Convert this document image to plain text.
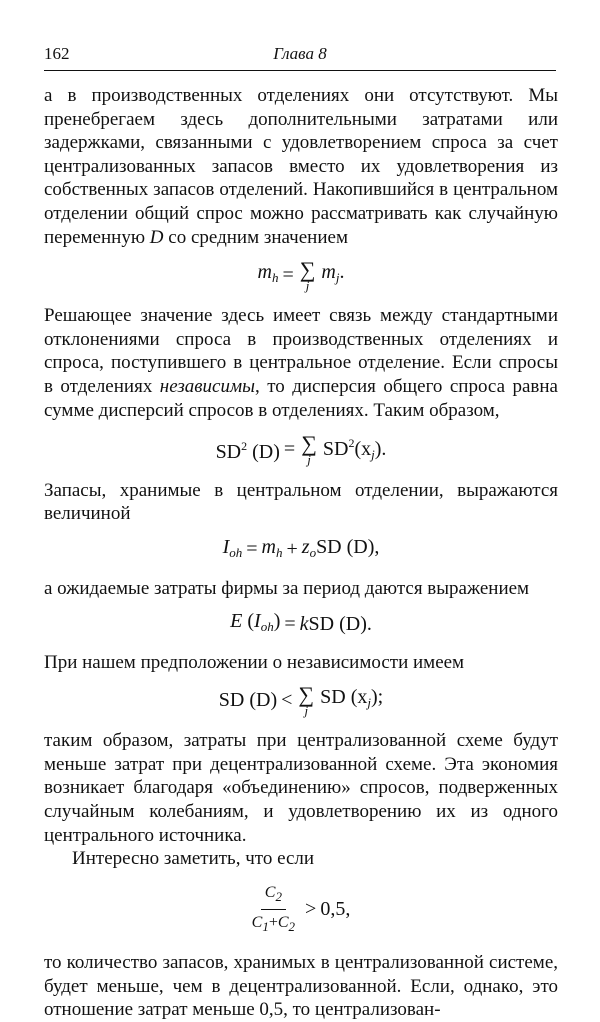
162	Глава 8

а в производственных отделениях они отсутствуют. Мы пренебрегаем здесь дополнительными затратами или задержками, связанными с удовлетворением спроса за счет централизованных запасов вместо их удовлетворения из собственных запасов отделений. Накопившийся в центральном отделении общий спрос можно рассматривать как случайную переменную D со средним значением

$m_h$ = ∑
j
$m_j$.

Решающее значение здесь имеет связь между стандартными отклонениями спроса в производственных отделениях и спроса, поступившего в центральное отделение. Если спросы в отделениях независимы, то дисперсия общего спроса равна сумме дисперсий спросов в отделениях. Таким образом,

$SD^2$ (D) = ∑
j $SD^2(x_j)$.

Запасы, хранимые в центральном отделении, выражаются величиной

$I_{oh} = m_h + z_oSD$ (D),

а ожидаемые затраты фирмы за период даются выражением

E $(I_{oh})$ = kSD (D).

При нашем предположении о независимости имеем

SD (D) < ∑
j
SD $(x_j)$;

таким образом, затраты при централизованной схеме будут меньше затрат при децентрализованной схеме. Эта экономия возникает благодаря «объединению» спросов, подверженных случайным колебаниям, и удовлетворению их из одного центрального источника.

Интересно заметить, что если

$\frac{C_2}{C_1+C_2} > 0,5$,

то количество запасов, хранимых в централизованной системе, будет меньше, чем в децентрализованной. Если, однако, это отношение затрат меньше 0,5, то централизован-
